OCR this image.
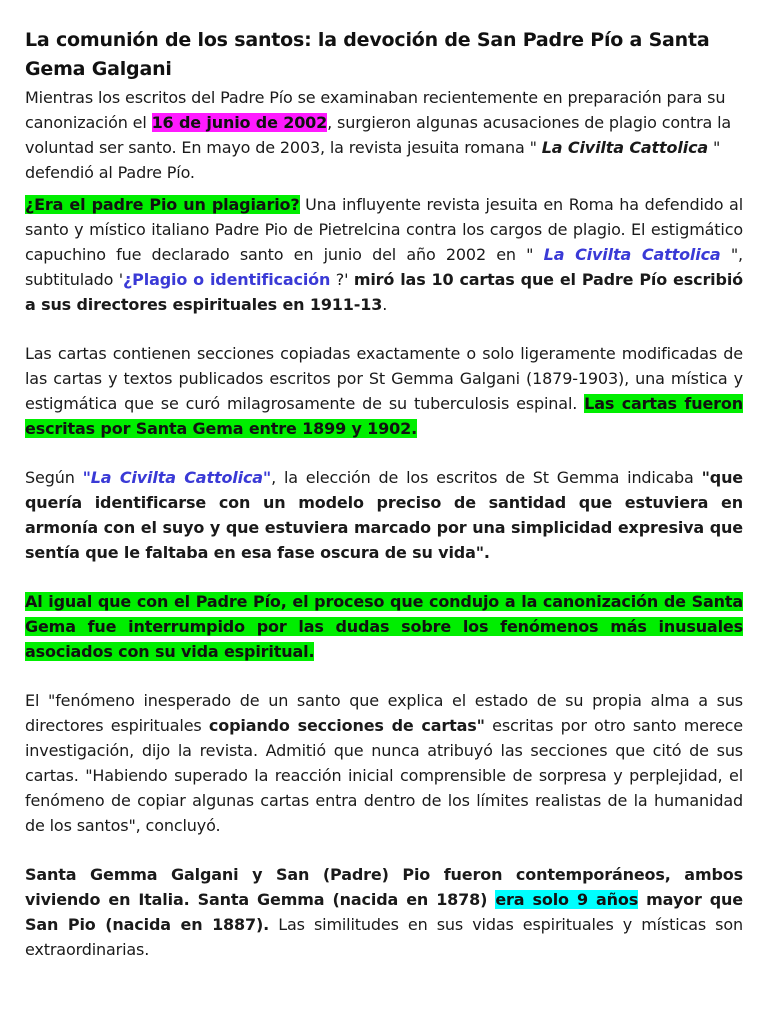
La comunión de los santos: la devoción de San Padre Pío a Santa Gema Galgani

Mientras los escritos del Padre Pío se examinaban recientemente en preparación para su canonización el 16 de junio de 2002, surgieron algunas acusaciones de plagio contra la voluntad ser santo. En mayo de 2003, la revista jesuita romana " La Civilta Cattolica " defendió al Padre Pío.

¿Era el padre Pio un plagiario? Una influyente revista jesuita en Roma ha defendido al santo y místico italiano Padre Pio de Pietrelcina contra los cargos de plagio. El estigmático capuchino fue declarado santo en junio del año 2002 en " La Civilta Cattolica ", subtitulado '¿Plagio o identificación ?' miró las 10 cartas que el Padre Pío escribió a sus directores espirituales en 1911-13.

Las cartas contienen secciones copiadas exactamente o solo ligeramente modificadas de las cartas y textos publicados escritos por St Gemma Galgani (1879-1903), una mística y estigmática que se curó milagrosamente de su tuberculosis espinal. Las cartas fueron escritas por Santa Gema entre 1899 y 1902.

Según "La Civilta Cattolica", la elección de los escritos de St Gemma indicaba "que quería identificarse con un modelo preciso de santidad que estuviera en armonía con el suyo y que estuviera marcado por una simplicidad expresiva que sentía que le faltaba en esa fase oscura de su vida".

Al igual que con el Padre Pío, el proceso que condujo a la canonización de Santa Gema fue interrumpido por las dudas sobre los fenómenos más inusuales asociados con su vida espiritual.

El "fenómeno inesperado de un santo que explica el estado de su propia alma a sus directores espirituales copiando secciones de cartas" escritas por otro santo merece investigación, dijo la revista. Admitió que nunca atribuyó las secciones que citó de sus cartas. "Habiendo superado la reacción inicial comprensible de sorpresa y perplejidad, el fenómeno de copiar algunas cartas entra dentro de los límites realistas de la humanidad de los santos", concluyó.

Santa Gemma Galgani y San (Padre) Pio fueron contemporáneos, ambos viviendo en Italia. Santa Gemma (nacida en 1878) era solo 9 años mayor que San Pio (nacida en 1887). Las similitudes en sus vidas espirituales y místicas son extraordinarias.
